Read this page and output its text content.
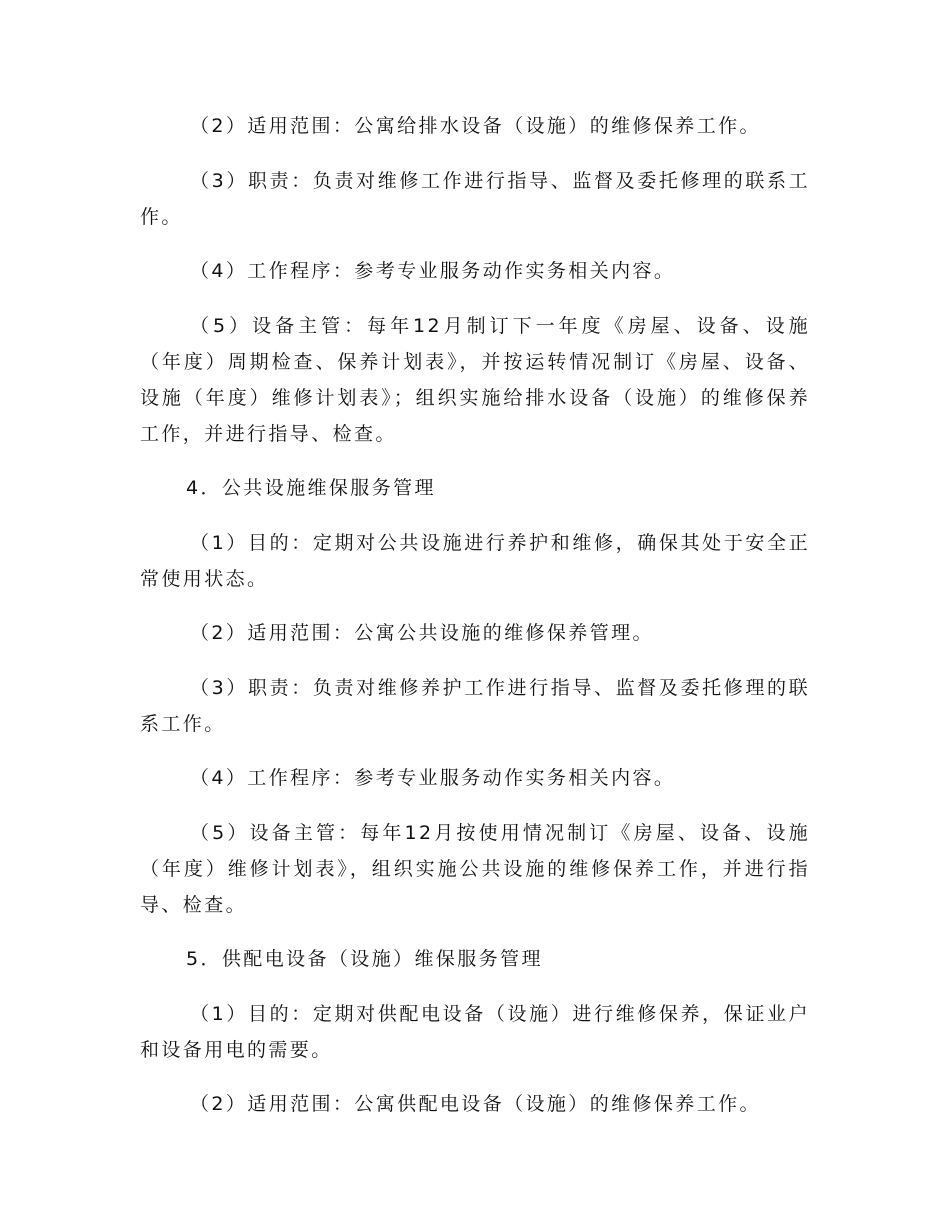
（2）适用范围：公寓给排水设备（设施）的维修保养工作。

（3）职责：负责对维修工作进行指导、监督及委托修理的联系工作。

（4）工作程序：参考专业服务动作实务相关内容。

（5）设备主管：每年12月制订下一年度《房屋、设备、设施（年度）周期检查、保养计划表》，并按运转情况制订《房屋、设备、设施（年度）维修计划表》；组织实施给排水设备（设施）的维修保养工作，并进行指导、检查。

4．公共设施维保服务管理

（1）目的：定期对公共设施进行养护和维修，确保其处于安全正常使用状态。

（2）适用范围：公寓公共设施的维修保养管理。

（3）职责：负责对维修养护工作进行指导、监督及委托修理的联系工作。

（4）工作程序：参考专业服务动作实务相关内容。

（5）设备主管：每年12月按使用情况制订《房屋、设备、设施（年度）维修计划表》，组织实施公共设施的维修保养工作，并进行指导、检查。

5．供配电设备（设施）维保服务管理

（1）目的：定期对供配电设备（设施）进行维修保养，保证业户和设备用电的需要。

（2）适用范围：公寓供配电设备（设施）的维修保养工作。
